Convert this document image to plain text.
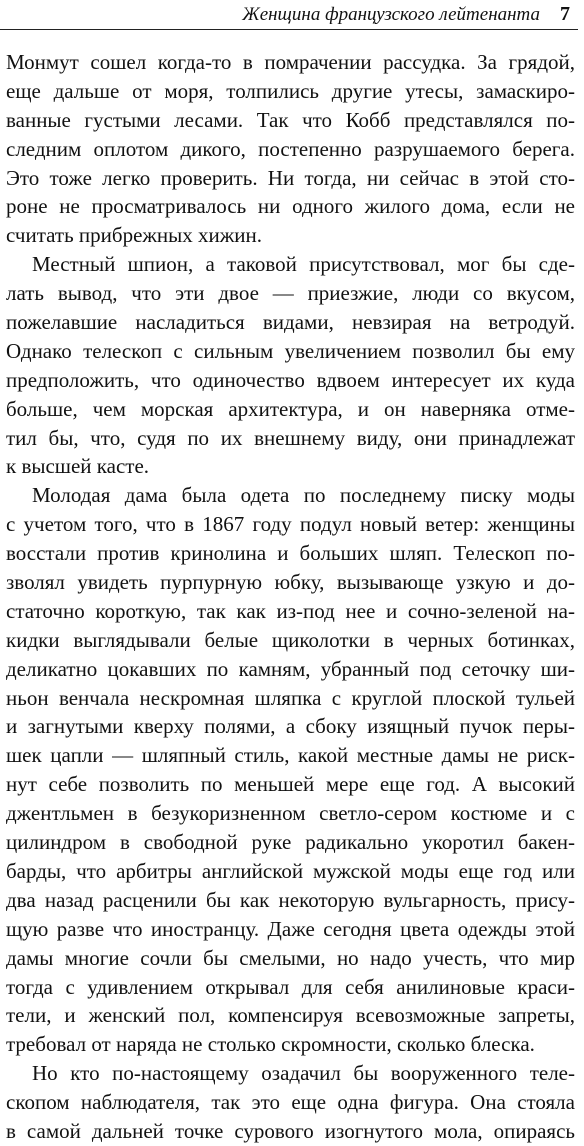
Женщина французского лейтенанта 7
Монмут сошел когда-то в помрачении рассудка. За грядой,
еще дальше от моря, толпились другие утесы, замаскиро-
ванные густыми лесами. Так что Кобб представлялся по-
следним оплотом дикого, постепенно разрушаемого берега.
Это тоже легко проверить. Ни тогда, ни сейчас в этой сто-
роне не просматривалось ни одного жилого дома, если не
считать прибрежных хижин.
Местный шпион, а таковой присутствовал, мог бы сде-
лать вывод, что эти двое — приезжие, люди со вкусом,
пожелавшие насладиться видами, невзирая на ветродуй.
Однако телескоп с сильным увеличением позволил бы ему
предположить, что одиночество вдвоем интересует их куда
больше, чем морская архитектура, и он наверняка отме-
тил бы, что, судя по их внешнему виду, они принадлежат
к высшей касте.
Молодая дама была одета по последнему писку моды
с учетом того, что в 1867 году подул новый ветер: женщины
восстали против кринолина и больших шляп. Телескоп по-
зволял увидеть пурпурную юбку, вызывающе узкую и до-
статочно короткую, так как из-под нее и сочно-зеленой на-
кидки выглядывали белые щиколотки в черных ботинках,
деликатно цокавших по камням, убранный под сеточку ши-
ньон венчала нескромная шляпка с круглой плоской тульей
и загнутыми кверху полями, а сбоку изящный пучок перы-
шек цапли — шляпный стиль, какой местные дамы не риск-
нут себе позволить по меньшей мере еще год. А высокий
джентльмен в безукоризненном светло-сером костюме и с
цилиндром в свободной руке радикально укоротил бакен-
барды, что арбитры английской мужской моды еще год или
два назад расценили бы как некоторую вульгарность, прису-
щую разве что иностранцу. Даже сегодня цвета одежды этой
дамы многие сочли бы смелыми, но надо учесть, что мир
тогда с удивлением открывал для себя анилиновые краси-
тели, и женский пол, компенсируя всевозможные запреты,
требовал от наряда не столько скромности, сколько блеска.
Но кто по-настоящему озадачил бы вооруженного теле-
скопом наблюдателя, так это еще одна фигура. Она стояла
в самой дальней точке сурового изогнутого мола, опираясь
